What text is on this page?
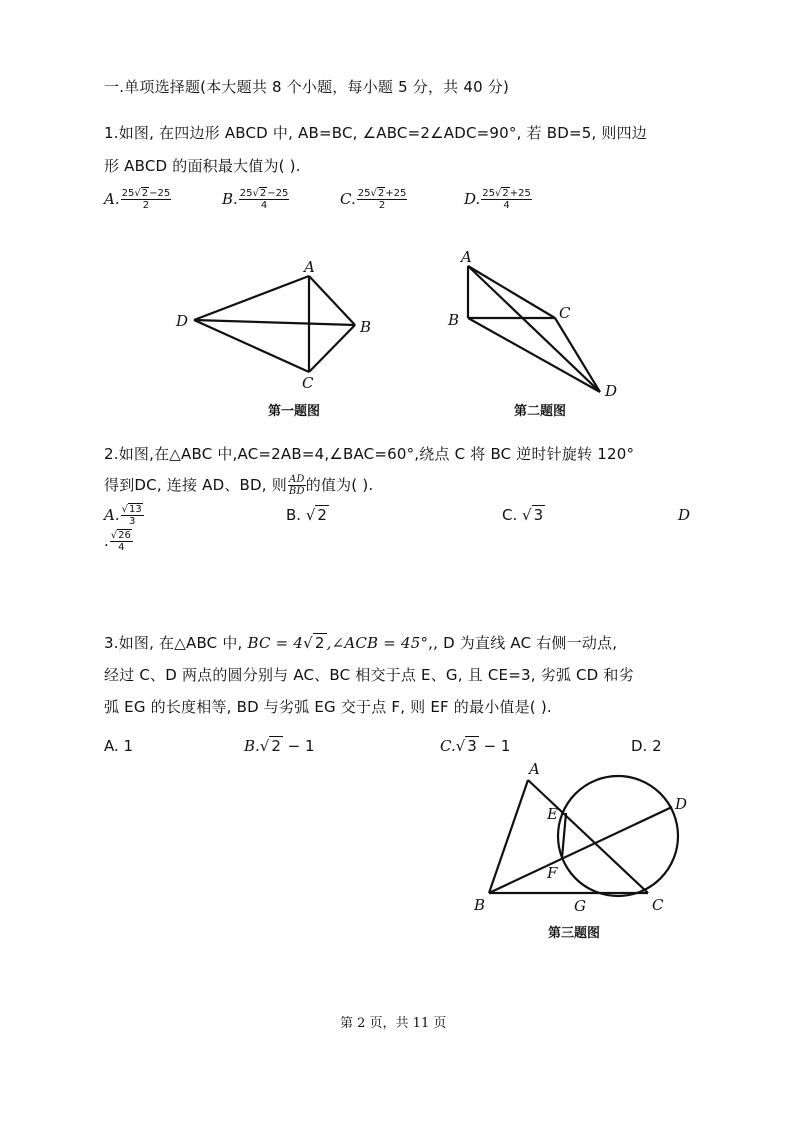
一.单项选择题(本大题共 8 个小题，每小题 5 分，共 40 分)
1.如图, 在四边形 ABCD 中, AB=BC, ∠ABC=2∠ADC=90°, 若 BD=5, 则四边
形 ABCD 的面积最大值为( ).
A. $\frac{25√2-25}{2}$	B. $\frac{25√2-25}{4}$	C. $\frac{25√2+25}{2}$	D. $\frac{25√2+25}{4}$
A
B
C
D
第一题图
A
B	C
D
第二题图
2.如图,在△ABC 中,AC=2AB=4,∠BAC=60°,绕点 C 将 BC 逆时针旋转 120°
得到DC, 连接 AD、BD, 则 $\frac{AD}{BD}$ 的值为( ).
A. $\frac{√13}{3}$	B. √ 2	C. √ 3	D
. $\frac{√26}{4}$
3.如图, 在△ABC 中, BC = 4√ 2 ,∠ACB = 45°,, D 为直线 AC 右侧一动点,
经过 C、D 两点的圆分别与 AC、BC 相交于点 E、G, 且 CE=3, 劣弧 CD 和劣
弧 EG 的长度相等, BD 与劣弧 EG 交于点 F, 则 EF 的最小值是( ).
A. 1	B.√ 2 − 1	C.√ 3 − 1	D. 2
A
B	C
D
E
F
G
第三题图
第 2 页，共 11 页
